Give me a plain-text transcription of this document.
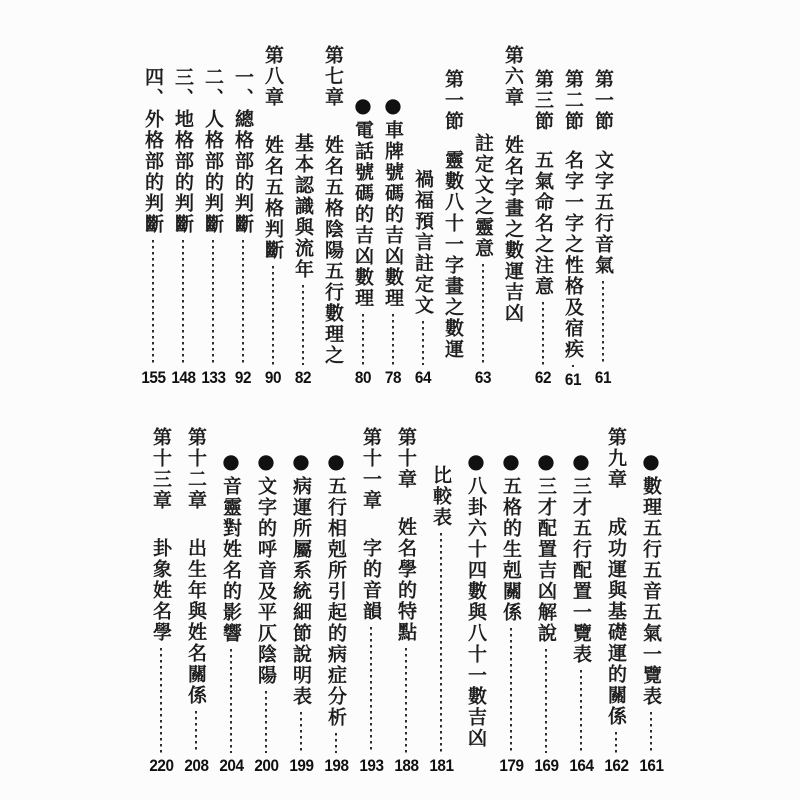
第一節
文字五行音氣
61
第二節
名字一字之性格及宿疾
61
第三節
五氣命名之注意
62
第六章
姓名字畫之數運吉凶
註定文之靈意
63
第一節
靈數八十一字畫之數運
禍福預言註定文
64
●
車牌號碼的吉凶數理
78
●
電話號碼的吉凶數理
80
第七章
姓名五格陰陽五行數理之
基本認識與流年
82
第八章
姓名五格判斷
90
一、
總格部的判斷
92
二、
人格部的判斷
133
三、
地格部的判斷
148
四、
外格部的判斷
155
●
數理五行五音五氣一覽表
161
第九章
成功運與基礎運的關係
162
●
三才五行配置一覽表
164
●
三才配置吉凶解說
169
●
五格的生剋關係
179
●
八卦六十四數與八十一數吉凶
比較表
181
第十章
姓名學的特點
188
第十一章
字的音韻
193
●
五行相剋所引起的病症分析
198
●
病運所屬系統細節說明表
199
●
文字的呼音及平仄陰陽
200
●
音靈對姓名的影響
204
第十二章
出生年與姓名關係
208
第十三章
卦象姓名學
220
